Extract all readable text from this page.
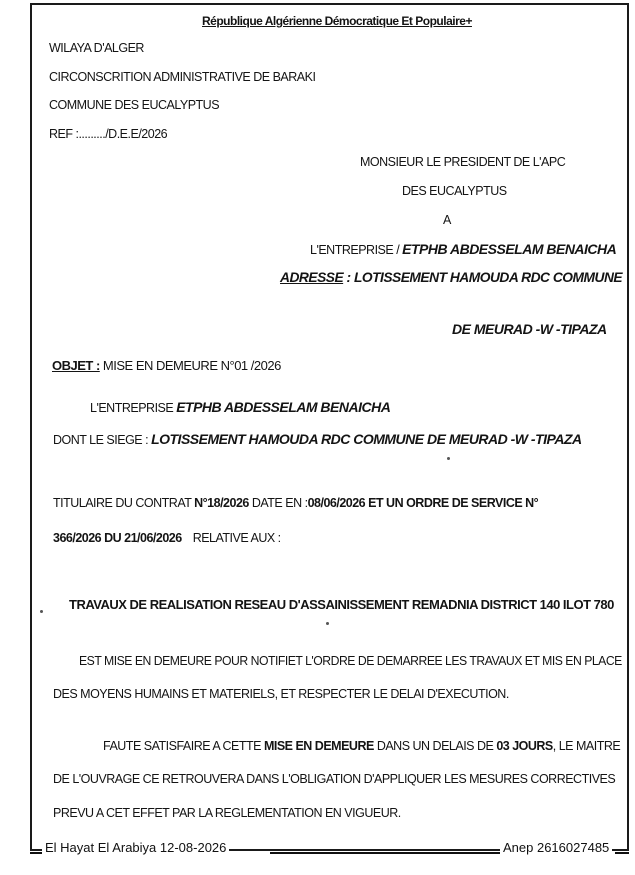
République Algérienne Démocratique Et Populaire+
WILAYA D'ALGER
CIRCONSCRITION ADMINISTRATIVE DE BARAKI
COMMUNE DES EUCALYPTUS
REF :........./D.E.E/2026
MONSIEUR LE PRESIDENT DE L'APC
DES EUCALYPTUS
A
L'ENTREPRISE / ETPHB ABDESSELAM BENAICHA
ADRESSE : LOTISSEMENT HAMOUDA RDC COMMUNE
DE MEURAD -W -TIPAZA
OBJET : MISE EN DEMEURE N°01 /2026
L'ENTREPRISE ETPHB ABDESSELAM BENAICHA
DONT LE SIEGE : LOTISSEMENT HAMOUDA RDC COMMUNE DE MEURAD -W -TIPAZA
TITULAIRE DU CONTRAT N°18/2026 DATE EN :08/06/2026 ET UN ORDRE DE SERVICE N°
366/2026 DU 21/06/2026 RELATIVE AUX :
TRAVAUX DE REALISATION RESEAU D'ASSAINISSEMENT REMADNIA DISTRICT 140 ILOT 780
EST MISE EN DEMEURE POUR NOTIFIET L'ORDRE DE DEMARREE LES TRAVAUX ET MIS EN PLACE
DES MOYENS HUMAINS ET MATERIELS, ET RESPECTER LE DELAI D'EXECUTION.
FAUTE SATISFAIRE A CETTE MISE EN DEMEURE DANS UN DELAIS DE 03 JOURS, LE MAITRE
DE L'OUVRAGE CE RETROUVERA DANS L'OBLIGATION D'APPLIQUER LES MESURES CORRECTIVES
PREVU A CET EFFET PAR LA REGLEMENTATION EN VIGUEUR.
El Hayat El Arabiya 12-08-2026	Anep 2616027485
